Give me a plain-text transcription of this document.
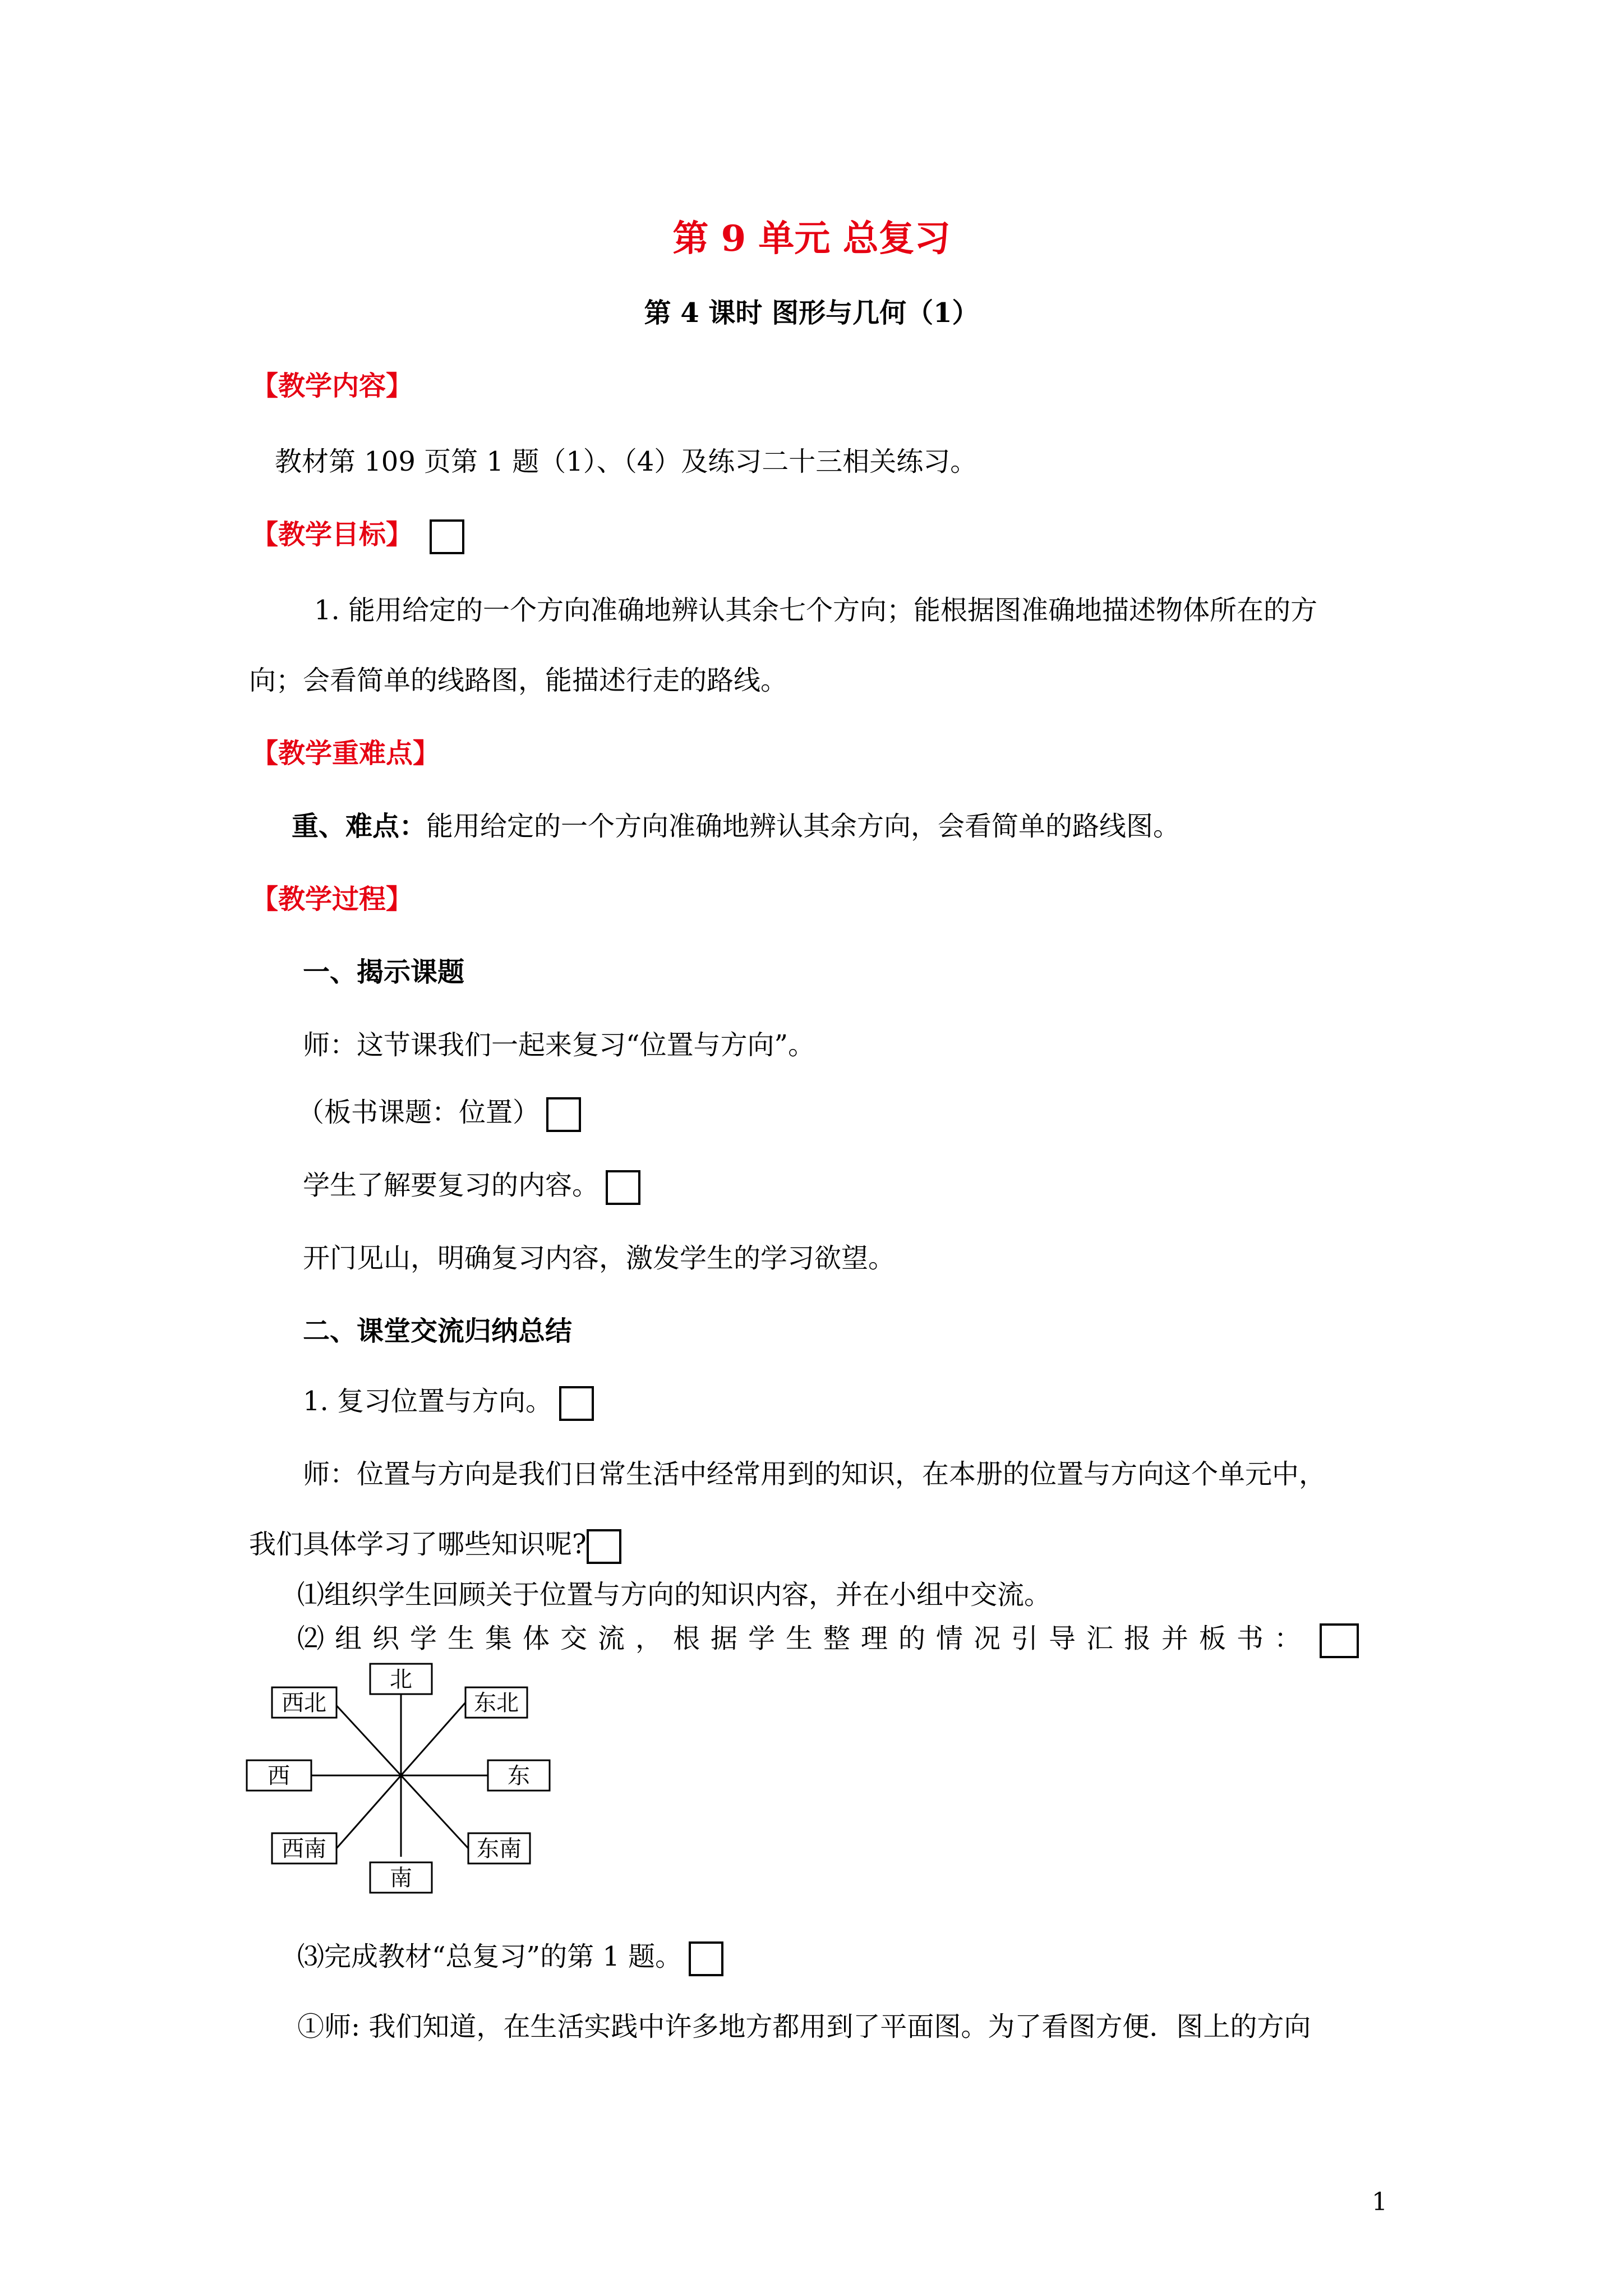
第 9 单元 总复习
第 4 课时 图形与几何（1）
【教学内容】
教材第 109 页第 1 题（1）、（4）及练习二十三相关练习。
【教学目标】
1. 能用给定的一个方向准确地辨认其余七个方向；能根据图准确地描述物体所在的方
向；会看简单的线路图，能描述行走的路线。
【教学重难点】
重、难点：能用给定的一个方向准确地辨认其余方向，会看简单的路线图。
【教学过程】
一、揭示课题
师：这节课我们一起来复习“位置与方向”。
（板书课题：位置）
学生了解要复习的内容。
开门见山，明确复习内容，激发学生的学习欲望。
二、课堂交流归纳总结
1. 复习位置与方向。
师：位置与方向是我们日常生活中经常用到的知识，在本册的位置与方向这个单元中，
我们具体学习了哪些知识呢?
⑴组织学生回顾关于位置与方向的知识内容，并在小组中交流。
⑵组织学生集体交流，根据学生整理的情况引导汇报并板书：
北
东北
东
东南
南
西南
西
西北
⑶完成教材“总复习”的第 1 题。
①师: 我们知道，在生活实践中许多地方都用到了平面图。为了看图方便．图上的方向
1
